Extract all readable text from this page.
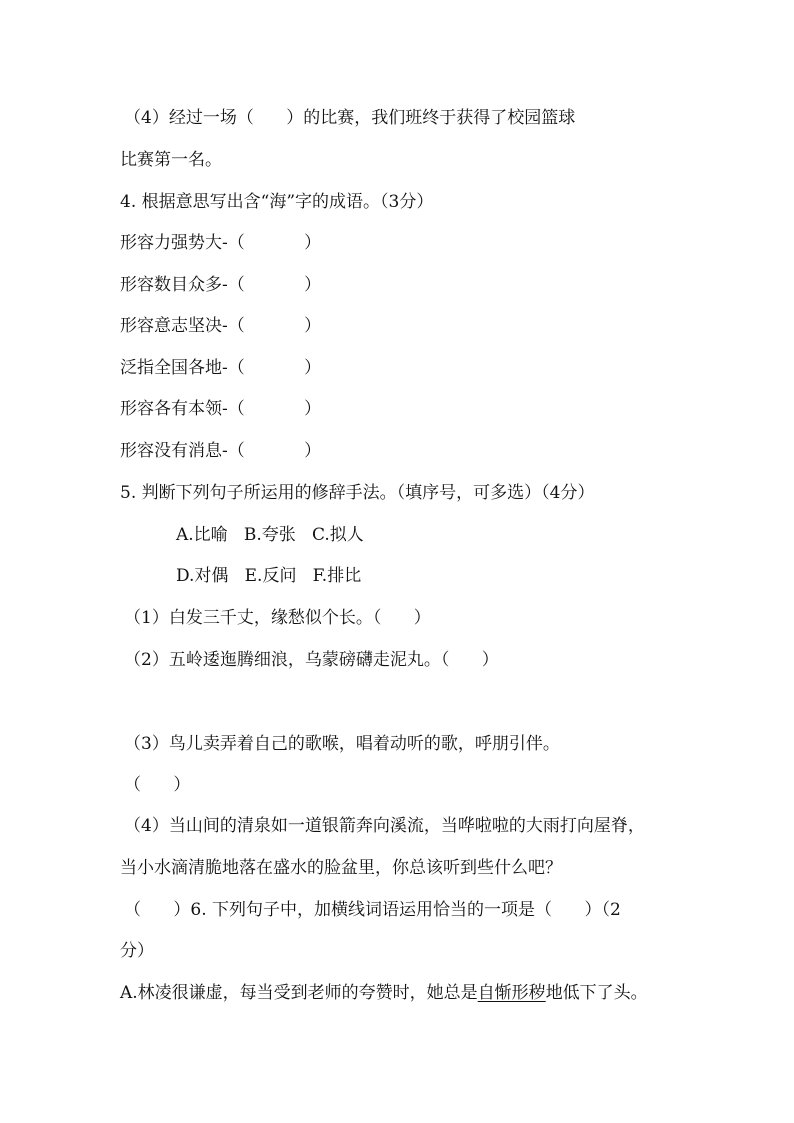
（4）经过一场（      ）的比赛，我们班终于获得了校园篮球
比赛第一名。
4. 根据意思写出含“海”字的成语。（3分）
形容力强势大-（           ）
形容数目众多-（           ）
形容意志坚决-（           ）
泛指全国各地-（           ）
形容各有本领-（           ）
形容没有消息-（           ）
5. 判断下列句子所运用的修辞手法。（填序号，可多选）（4分）
A.比喻   B.夸张   C.拟人
D.对偶   E.反问   F.排比
（1）白发三千丈，缘愁似个长。（      ）
（2）五岭逶迤腾细浪，乌蒙磅礴走泥丸。（      ）
（3）鸟儿卖弄着自己的歌喉，唱着动听的歌，呼朋引伴。
（      ）
（4）当山间的清泉如一道银箭奔向溪流，当哗啦啦的大雨打向屋脊，
当小水滴清脆地落在盛水的脸盆里，你总该听到些什么吧？
（      ）6. 下列句子中，加横线词语运用恰当的一项是（      ）（2
分）
A.林凌很谦虚，每当受到老师的夸赞时，她总是自惭形秽地低下了头。
